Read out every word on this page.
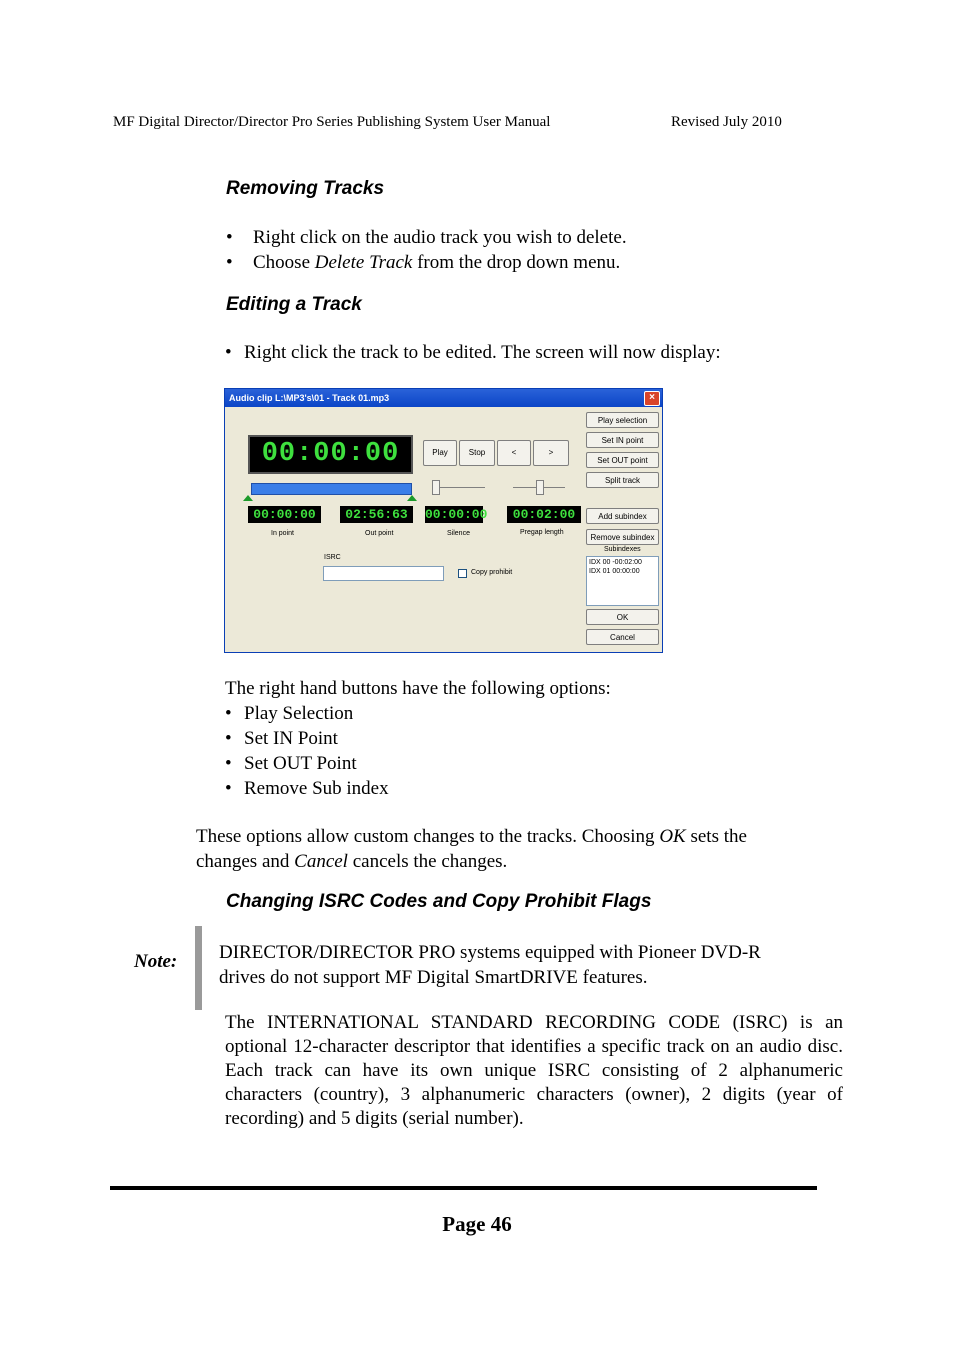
MF Digital Director/Director Pro Series Publishing System User Manual	Revised July 2010
Removing Tracks
• Right click on the audio track you wish to delete.
• Choose Delete Track from the drop down menu.
Editing a Track
• Right click the track to be edited. The screen will now display:
Audio clip L:\MP3's\01 - Track 01.mp3	×
00:00:00	Play	Stop	<	>
00:00:00	02:56:63	00:00:00	00:02:00
In point	Out point	Silence	Pregap length
ISRC
Copy prohibit
Play selection
Set IN point
Set OUT point
Split track
Add subindex
Remove subindex
Subindexes
IDX 00 -00:02:00
IDX 01 00:00:00
OK
Cancel
The right hand buttons have the following options:
• Play Selection
• Set IN Point
• Set OUT Point
• Remove Sub index
These options allow custom changes to the tracks. Choosing OK sets the
changes and Cancel cancels the changes.
Changing ISRC Codes and Copy Prohibit Flags
Note: DIRECTOR/DIRECTOR PRO systems equipped with Pioneer DVD-R
drives do not support MF Digital SmartDRIVE features.
The INTERNATIONAL STANDARD RECORDING CODE (ISRC) is an optional 12-character descriptor that identifies a specific track on an audio disc. Each track can have its own unique ISRC consisting of 2 alphanumeric characters (country), 3 alphanumeric characters (owner), 2 digits (year of recording) and 5 digits (serial number).
Page 46
